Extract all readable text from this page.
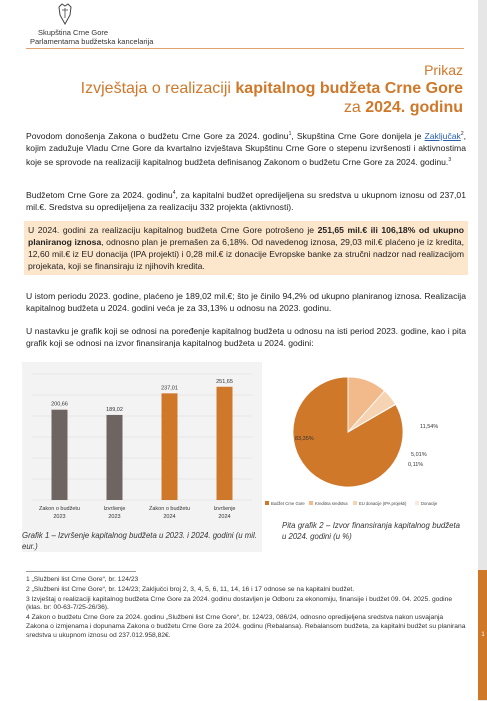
Skupština Crne Gore
Parlamentarna budžetska kancelarija
Prikaz
Izvještaja o realizaciji kapitalnog budžeta Crne Gore
za 2024. godinu
Povodom donošenja Zakona o budžetu Crne Gore za 2024. godinu$^1$, Skupština Crne Gore donijela je Zaključak$^2$, kojim zadužuje Vladu Crne Gore da kvartalno izvještava Skupštinu Crne Gore o stepenu izvršenosti i aktivnostima koje se sprovode na realizaciji kapitalnog budžeta definisanog Zakonom o budžetu Crne Gore za 2024. godinu.$^3$
Budžetom Crne Gore za 2024. godinu$^4$, za kapitalni budžet opredijeljena su sredstva u ukupnom iznosu od 237,01 mil.€. Sredstva su opredijeljena za realizaciju 332 projekta (aktivnosti).
U 2024. godini za realizaciju kapitalnog budžeta Crne Gore potrošeno je 251,65 mil.€ ili 106,18% od ukupno planiranog iznosa, odnosno plan je premašen za 6,18%. Od navedenog iznosa, 29,03 mil.€ plaćeno je iz kredita, 12,60 mil.€ iz EU donacija (IPA projekti) i 0,28 mil.€ iz donacije Evropske banke za stručni nadzor nad realizacijom projekata, koji se finansiraju iz njihovih kredita.
U istom periodu 2023. godine, plaćeno je 189,02 mil.€; što je činilo 94,2% od ukupno planiranog iznosa. Realizacija kapitalnog budžeta u 2024. godini veća je za 33,13% u odnosu na 2023. godinu.
U nastavku je grafik koji se odnosi na poređenje kapitalnog budžeta u odnosu na isti period 2023. godine, kao i pita grafik koji se odnosi na izvor finansiranja kapitalnog budžeta u 2024. godini:
200,66
Zakon o budžetu
2023
189,02
Izvršenje
2023
237,01
Zakon o budžetu
2024
251,65
Izvršenje
2024
Grafik 1 – Izvršenje kapitalnog budžeta u 2023. i 2024. godini (u mil. eur.)
83,35%
11,54%
5,01%
0,11%
Budžet Crne Gore Kreditna sredstva	EU donacije (IPA projekti)	Donacije
Pita grafik 2 – Izvor finansiranja kapitalnog budžeta u 2024. godini (u %)
1 „Službeni list Crne Gore“, br. 124/23
2 „Službeni list Crne Gore“, br. 124/23; Zaključci broj 2, 3, 4, 5, 6, 11, 14, 16 i 17 odnose se na kapitalni budžet.
3 Izvještaj o realizaciji kapitalnog budžeta Crne Gore za 2024. godinu dostavljen je Odboru za ekonomiju, finansije i budžet 09. 04. 2025. godine (klas. br: 00-63-7/25-26/36).
4 Zakon o budžetu Crne Gore za 2024. godinu „Službeni list Crne Gore“, br. 124/23, 086/24, odnosno opredijeljena sredstva nakon usvajanja Zakona o izmjenama i dopunama Zakona o budžetu Crne Gore za 2024. godinu (Rebalansa). Rebalansom budžeta, za kapitalni budžet su planirana sredstva u ukupnom iznosu od 237.012.958,82€.	1
